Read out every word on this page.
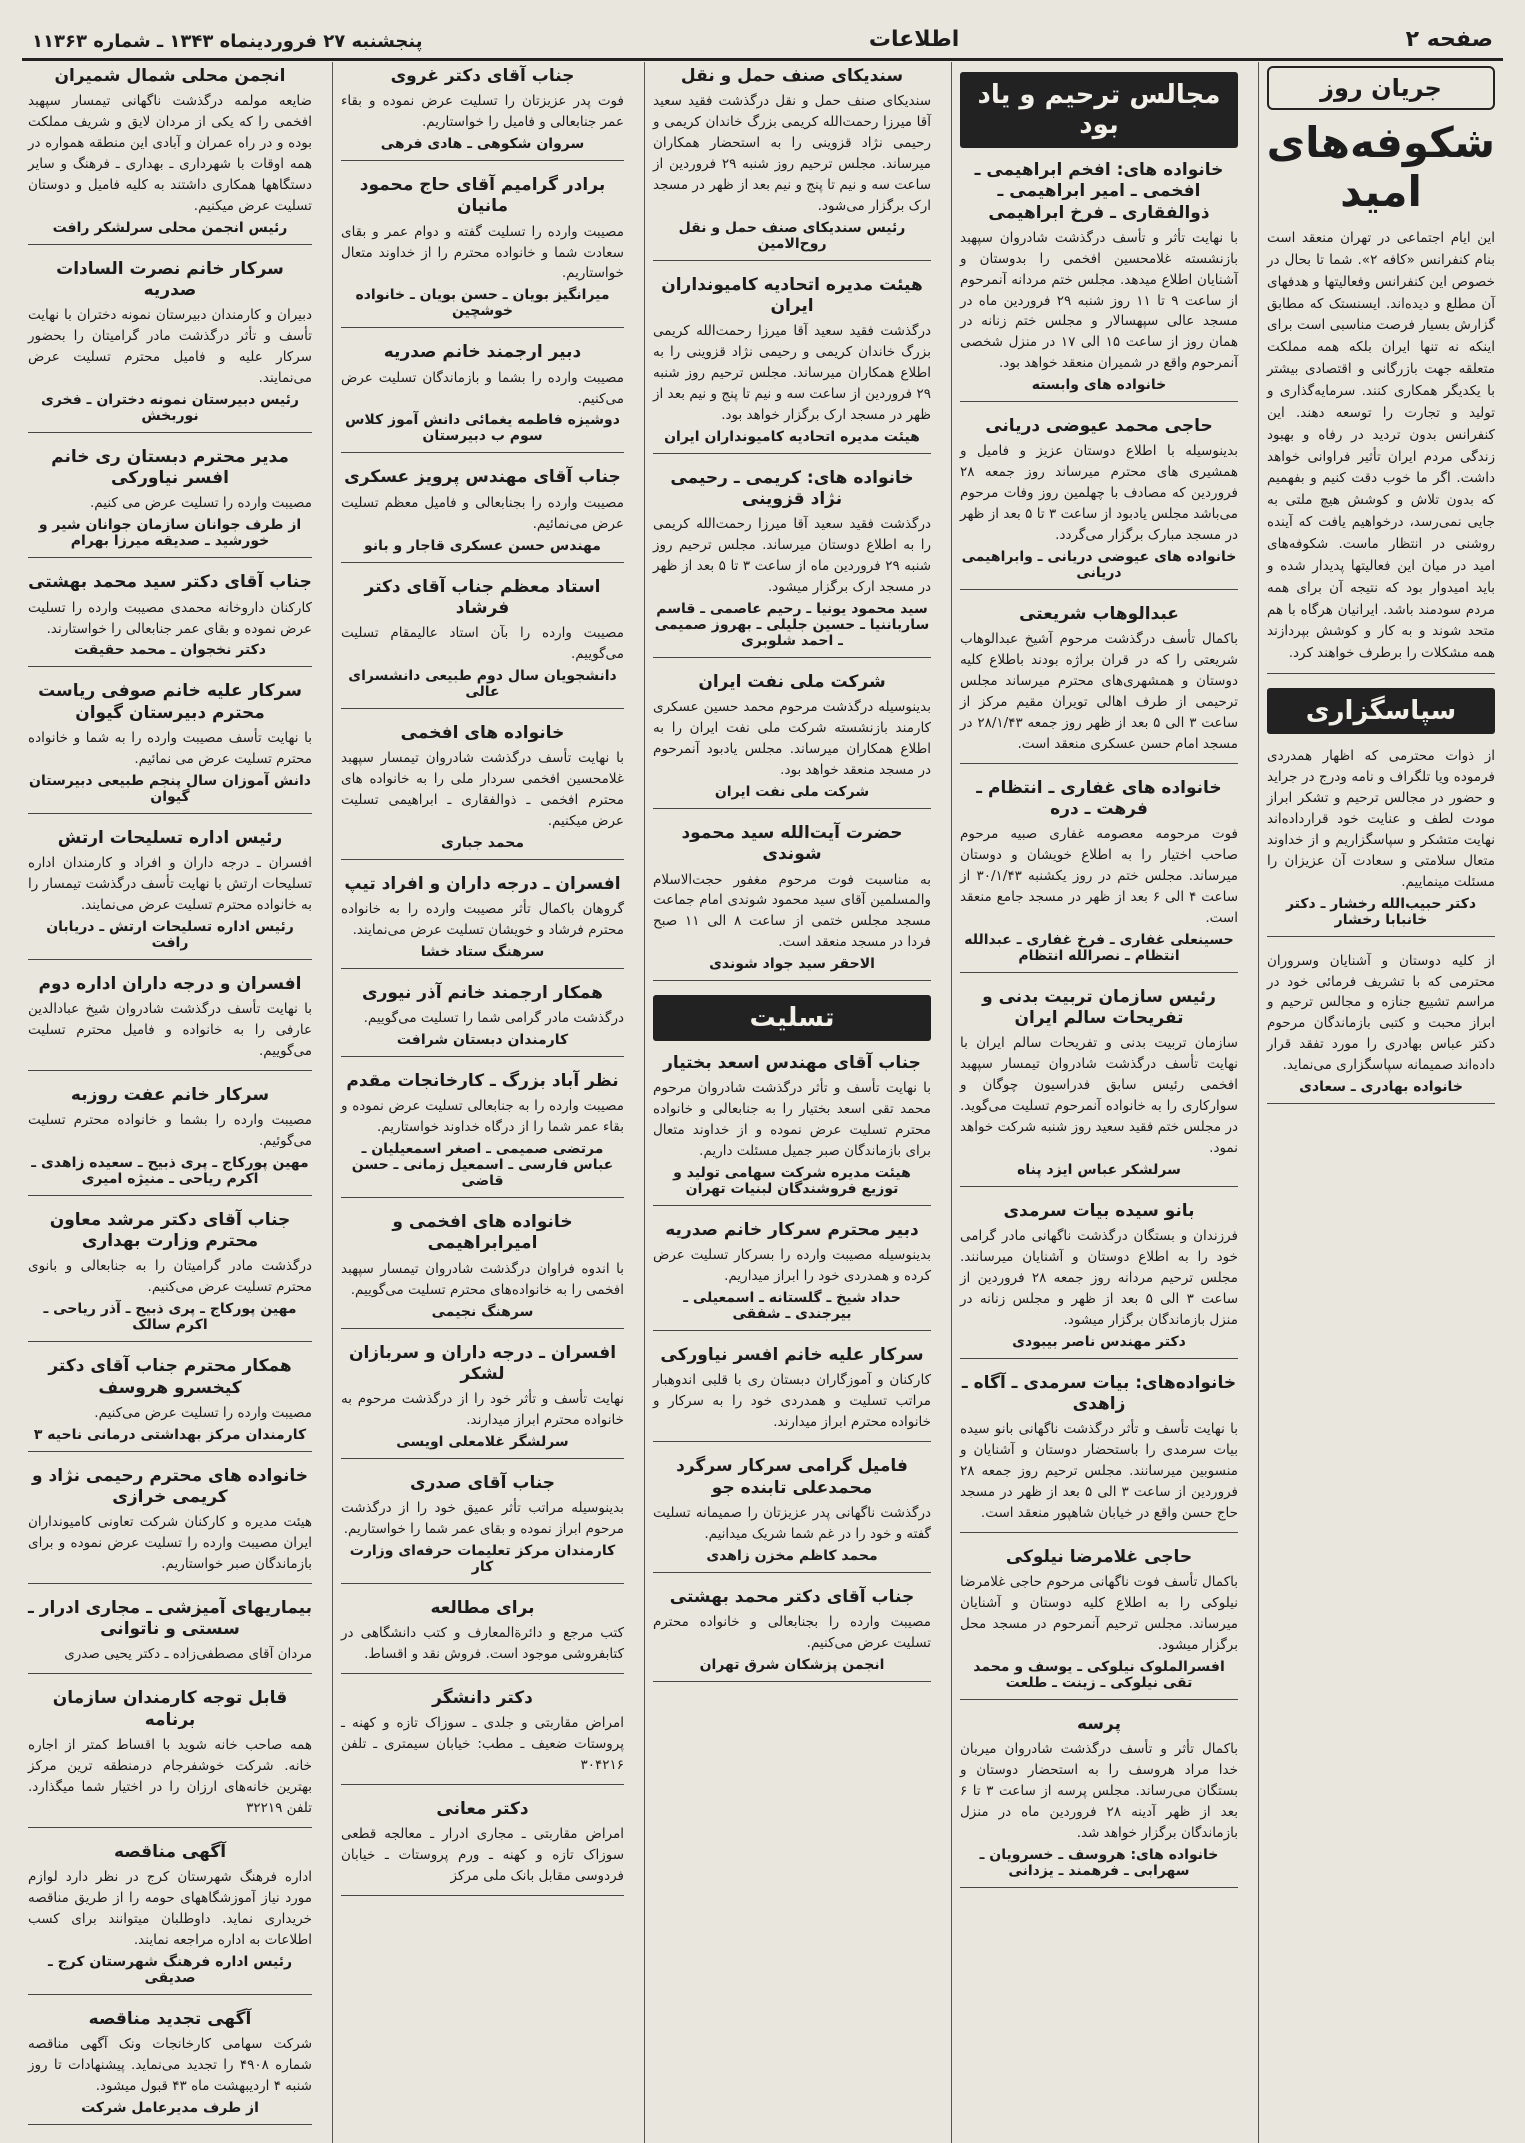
صفحه ۲
اطلاعات
پنجشنبه ۲۷ فروردینماه ۱۳۴۳ ـ شماره ۱۱۳۶۳
جریان روز
شکوفه‌های امید

این ایام اجتماعی در تهران منعقد است بنام کنفرانس «کافه ۲». شما تا بحال در خصوص این کنفرانس وفعالیتها و هدفهای آن مطلع و دیده‌اند. ایسنستک که مطابق گزارش بسیار فرصت مناسبی است برای اینکه نه تنها ایران بلکه همه مملکت متعلقه جهت بازرگانی و اقتصادی بیشتر با یکدیگر همکاری کنند. سرمایه‌گذاری و تولید و تجارت را توسعه دهند. این کنفرانس بدون تردید در رفاه و بهبود زندگی مردم ایران تأثیر فراوانی خواهد داشت. اگر ما خوب دقت کنیم و بفهمیم که بدون تلاش و کوشش هیچ ملتی به جایی نمی‌رسد، درخواهیم یافت که آینده روشنی در انتظار ماست. شکوفه‌های امید در میان این فعالیتها پدیدار شده و باید امیدوار بود که نتیجه آن برای همه مردم سودمند باشد. ایرانیان هرگاه با هم متحد شوند و به کار و کوشش بپردازند همه مشکلات را برطرف خواهند کرد.

سپاسگزاری

از ذوات محترمی که اظهار همدردی فرموده ویا تلگراف و نامه ودرج در جراید و حضور در مجالس ترحیم و تشکر ابراز مودت لطف و عنایت خود قرارداده‌اند نهایت متشکر و سپاسگزاریم و از خداوند متعال سلامتی و سعادت آن عزیزان را مسئلت مینماییم.

دکتر حبیب‌الله رخشار ـ دکتر خانبابا رخشار

از کلیه دوستان و آشنایان وسروران محترمی که با تشریف فرمائی خود در مراسم تشییع جنازه و مجالس ترحیم و ابراز محبت و کتبی بازماندگان مرحوم دکتر عباس بهادری را مورد تفقد قرار داده‌اند صمیمانه سپاسگزاری می‌نماید.

خانواده بهادری ـ سعادی
مجالس ترحیم و یاد بود
خانواده های: افخم ابراهیمی ـ افخمی ـ امیر ابراهیمی ـ ذوالفقاری ـ فرخ ابراهیمی

با نهایت تأثر و تأسف درگذشت شادروان سپهبد بازنشسته غلامحسین افخمی را بدوستان و آشنایان اطلاع میدهد. مجلس ختم مردانه آنمرحوم از ساعت ۹ تا ۱۱ روز شنبه ۲۹ فروردین ماه در مسجد عالی سپهسالار و مجلس ختم زنانه در همان روز از ساعت ۱۵ الی ۱۷ در منزل شخصی آنمرحوم واقع در شمیران منعقد خواهد بود.

خانواده های وابسته
حاجی محمد عیوضی دریانی

بدینوسیله با اطلاع دوستان عزیز و فامیل و همشیری های محترم میرساند روز جمعه ۲۸ فروردین که مصادف با چهلمین روز وفات مرحوم می‌باشد مجلس یادبود از ساعت ۳ تا ۵ بعد از ظهر در مسجد مبارک برگزار می‌گردد.

خانواده های عیوضی دریانی ـ وابراهیمی دریانی
عبدالوهاب شریعتی

باکمال تأسف درگذشت مرحوم آشیخ عبدالوهاب شریعتی را که در قران براژه بودند باطلاع کلیه دوستان و همشهری‌های محترم میرساند مجلس ترحیمی از طرف اهالی تویران مقیم مرکز از ساعت ۳ الی ۵ بعد از ظهر روز جمعه ۲۸/۱/۴۳ در مسجد امام حسن عسکری منعقد است.

خانواده های غفاری ـ انتظام ـ فرهت ـ دره

فوت مرحومه معصومه غفاری صبیه مرحوم صاحب اختیار را به اطلاع خویشان و دوستان میرساند. مجلس ختم در روز یکشنبه ۳۰/۱/۴۳ از ساعت ۴ الی ۶ بعد از ظهر در مسجد جامع منعقد است.

حسینعلی غفاری ـ فرخ غفاری ـ عبدالله انتظام ـ نصرالله انتظام
رئیس سازمان تربیت بدنی و تفریحات سالم ایران

سازمان تربیت بدنی و تفریحات سالم ایران با نهایت تأسف درگذشت شادروان تیمسار سپهبد افخمی رئیس سابق فدراسیون چوگان و سوارکاری را به خانواده آنمرحوم تسلیت می‌گوید. در مجلس ختم فقید سعید روز شنبه شرکت خواهد نمود.

سرلشکر عباس ایزد پناه
بانو سیده بیات سرمدی

فرزندان و بستگان درگذشت ناگهانی مادر گرامی خود را به اطلاع دوستان و آشنایان میرسانند. مجلس ترحیم مردانه روز جمعه ۲۸ فروردین از ساعت ۳ الی ۵ بعد از ظهر و مجلس زنانه در منزل بازماندگان برگزار میشود.

دکتر مهندس ناصر بیبودی
خانواده‌های: بیات سرمدی ـ آگاه ـ زاهدی

با نهایت تأسف و تأثر درگذشت ناگهانی بانو سیده بیات سرمدی را باستحضار دوستان و آشنایان و منسوبین میرسانند. مجلس ترحیم روز جمعه ۲۸ فروردین از ساعت ۳ الی ۵ بعد از ظهر در مسجد حاج حسن واقع در خیابان شاهپور منعقد است.

حاجی غلامرضا نیلوکی

باکمال تأسف فوت ناگهانی مرحوم حاجی غلامرضا نیلوکی را به اطلاع کلیه دوستان و آشنایان میرساند. مجلس ترحیم آنمرحوم در مسجد محل برگزار میشود.

افسرالملوک نیلوکی ـ یوسف و محمد تقی نیلوکی ـ زینت ـ طلعت
پرسه

باکمال تأثر و تأسف درگذشت شادروان میربان خدا مراد هروسف را به استحضار دوستان و بستگان می‌رساند. مجلس پرسه از ساعت ۳ تا ۶ بعد از ظهر آدینه ۲۸ فروردین ماه در منزل بازماندگان برگزار خواهد شد.

خانواده های: هروسف ـ خسرویان ـ سهرابی ـ فرهمند ـ یزدانی
سندیکای صنف حمل و نقل

سندیکای صنف حمل و نقل درگذشت فقید سعید آقا میرزا رحمت‌الله کریمی بزرگ خاندان کریمی و رحیمی نژاد قزوینی را به استحضار همکاران میرساند. مجلس ترحیم روز شنبه ۲۹ فروردین از ساعت سه و نیم تا پنج و نیم بعد از ظهر در مسجد ارک برگزار می‌شود.

رئیس سندیکای صنف حمل و نقل روح‌الامین
هیئت مدیره اتحادیه کامیونداران ایران

درگذشت فقید سعید آقا میرزا رحمت‌الله کریمی بزرگ خاندان کریمی و رحیمی نژاد قزوینی را به اطلاع همکاران میرساند. مجلس ترحیم روز شنبه ۲۹ فروردین از ساعت سه و نیم تا پنج و نیم بعد از ظهر در مسجد ارک برگزار خواهد بود.

هیئت مدیره اتحادیه کامیونداران ایران
خانواده های: کریمی ـ رحیمی نژاد قزوینی

درگذشت فقید سعید آقا میرزا رحمت‌الله کریمی را به اطلاع دوستان میرساند. مجلس ترحیم روز شنبه ۲۹ فروردین ماه از ساعت ۳ تا ۵ بعد از ظهر در مسجد ارک برگزار میشود.

سید محمود یونیا ـ رحیم عاصمی ـ قاسم سارباننیا ـ حسین جلیلی ـ بهروز صمیمی ـ احمد شلوبری
شرکت ملی نفت ایران

بدینوسیله درگذشت مرحوم محمد حسین عسکری کارمند بازنشسته شرکت ملی نفت ایران را به اطلاع همکاران میرساند. مجلس یادبود آنمرحوم در مسجد منعقد خواهد بود.

شرکت ملی نفت ایران
حضرت آیت‌الله سید محمود شوندی

به مناسبت فوت مرحوم مغفور حجت‌الاسلام والمسلمین آقای سید محمود شوندی امام جماعت مسجد مجلس ختمی از ساعت ۸ الی ۱۱ صبح فردا در مسجد منعقد است.

الاحقر سید جواد شوندی
تسلیت
جناب آقای مهندس اسعد بختیار

با نهایت تأسف و تأثر درگذشت شادروان مرحوم محمد تقی اسعد بختیار را به جنابعالی و خانواده محترم تسلیت عرض نموده و از خداوند متعال برای بازماندگان صبر جمیل مسئلت داریم.

هیئت مدیره شرکت سهامی تولید و توزیع فروشندگان لبنیات تهران
دبیر محترم سرکار خانم صدریه

بدینوسیله مصیبت وارده را بسرکار تسلیت عرض کرده و همدردی خود را ابراز میداریم.

حداد شیخ ـ گلستانه ـ اسمعیلی ـ بیرجندی ـ شفقی
سرکار علیه خانم افسر نیاورکی

کارکنان و آموزگاران دبستان ری با قلبی اندوهبار مراتب تسلیت و همدردی خود را به سرکار و خانواده محترم ابراز میدارند.

فامیل گرامی سرکار سرگرد محمدعلی تابنده جو

درگذشت ناگهانی پدر عزیزتان را صمیمانه تسلیت گفته و خود را در غم شما شریک میدانیم.

محمد کاظم مخزن زاهدی
جناب آقای دکتر محمد بهشتی

مصیبت وارده را بجنابعالی و خانواده محترم تسلیت عرض می‌کنیم.

انجمن پزشکان شرق تهران
جناب آقای دکتر غروی

فوت پدر عزیزتان را تسلیت عرض نموده و بقاء عمر جنابعالی و فامیل را خواستاریم.

سروان شکوهی ـ هادی فرهی
برادر گرامیم آقای حاج محمود مانیان

مصیبت وارده را تسلیت گفته و دوام عمر و بقای سعادت شما و خانواده محترم را از خداوند متعال خواستاریم.

میرانگیز بویان ـ حسن بویان ـ خانواده خوشچین
دبیر ارجمند خانم صدریه

مصیبت وارده را بشما و بازماندگان تسلیت عرض می‌کنیم.

دوشیزه فاطمه یغمائی دانش آموز کلاس سوم ب دبیرستان
جناب آقای مهندس پرویز عسکری

مصیبت وارده را بجنابعالی و فامیل معظم تسلیت عرض می‌نمائیم.

مهندس حسن عسکری قاجار و بانو
استاد معظم جناب آقای دکتر فرشاد

مصیبت وارده را بآن استاد عالیمقام تسلیت می‌گوییم.

دانشجویان سال دوم طبیعی دانشسرای عالی
خانواده های افخمی

با نهایت تأسف درگذشت شادروان تیمسار سپهبد غلامحسین افخمی سردار ملی را به خانواده های محترم افخمی ـ ذوالفقاری ـ ابراهیمی تسلیت عرض میکنیم.

محمد جباری
افسران ـ درجه داران و افراد تیپ

گروهان باکمال تأثر مصیبت وارده را به خانواده محترم فرشاد و خویشان تسلیت عرض می‌نمایند.

سرهنگ ستاد خشا
همکار ارجمند خانم آذر نیوری

درگذشت مادر گرامی شما را تسلیت می‌گوییم.

کارمندان دبستان شرافت
نظر آباد بزرگ ـ کارخانجات مقدم

مصیبت وارده را به جنابعالی تسلیت عرض نموده و بقاء عمر شما را از درگاه خداوند خواستاریم.

مرتضی صمیمی ـ اصغر اسمعیلیان ـ عباس فارسی ـ اسمعیل زمانی ـ حسن قاضی
خانواده های افخمی و امیرابراهیمی

با اندوه فراوان درگذشت شادروان تیمسار سپهبد افخمی را به خانواده‌های محترم تسلیت می‌گوییم.

سرهنگ نجیمی
افسران ـ درجه داران و سربازان لشکر

نهایت تأسف و تأثر خود را از درگذشت مرحوم به خانواده محترم ابراز میدارند.

سرلشگر غلامعلی اویسی
جناب آقای صدری

بدینوسیله مراتب تأثر عمیق خود را از درگذشت مرحوم ابراز نموده و بقای عمر شما را خواستاریم.

کارمندان مرکز تعلیمات حرفه‌ای وزارت کار
برای مطالعه

کتب مرجع و دائرةالمعارف و کتب دانشگاهی در کتابفروشی موجود است. فروش نقد و اقساط.

دکتر دانشگر

امراض مقاربتی و جلدی ـ سوزاک تازه و کهنه ـ پروستات ضعیف ـ مطب: خیابان سیمتری ـ تلفن ۳۰۴۲۱۶

دکتر معانی

امراض مقاربتی ـ مجاری ادرار ـ معالجه قطعی سوزاک تازه و کهنه ـ ورم پروستات ـ خیابان فردوسی مقابل بانک ملی مرکز

انجمن محلی شمال شمیران

ضایعه مولمه درگذشت ناگهانی تیمسار سپهبد افخمی را که یکی از مردان لایق و شریف مملکت بوده و در راه عمران و آبادی این منطقه همواره در همه اوقات با شهرداری ـ بهداری ـ فرهنگ و سایر دستگاهها همکاری داشتند به کلیه فامیل و دوستان تسلیت عرض میکنیم.

رئیس انجمن محلی سرلشکر رافت
سرکار خانم نصرت السادات صدریه

دبیران و کارمندان دبیرستان نمونه دختران با نهایت تأسف و تأثر درگذشت مادر گرامیتان را بحضور سرکار علیه و فامیل محترم تسلیت عرض می‌نمایند.

رئیس دبیرستان نمونه دختران ـ فخری نوربخش
مدیر محترم دبستان ری خانم افسر نیاورکی

مصیبت وارده را تسلیت عرض می کنیم.

از طرف جوانان سازمان جوانان شیر و خورشید ـ صدیقه میرزا بهرام
جناب آقای دکتر سید محمد بهشتی

کارکنان داروخانه محمدی مصیبت وارده را تسلیت عرض نموده و بقای عمر جنابعالی را خواستارند.

دکتر نخجوان ـ محمد حقیقت
سرکار علیه خانم صوفی ریاست محترم دبیرستان گیوان

با نهایت تأسف مصیبت وارده را به شما و خانواده محترم تسلیت عرض می نمائیم.

دانش آموزان سال پنجم طبیعی دبیرستان گیوان
رئیس اداره تسلیحات ارتش

افسران ـ درجه داران و افراد و کارمندان اداره تسلیحات ارتش با نهایت تأسف درگذشت تیمسار را به خانواده محترم تسلیت عرض می‌نمایند.

رئیس اداره تسلیحات ارتش ـ دریابان رافت
افسران و درجه داران اداره دوم

با نهایت تأسف درگذشت شادروان شیخ عبادالدین عارفی را به خانواده و فامیل محترم تسلیت می‌گوییم.

سرکار خانم عفت روزبه

مصیبت وارده را بشما و خانواده محترم تسلیت می‌گوئیم.

مهین پورکاج ـ پری ذبیح ـ سعیده زاهدی ـ اکرم ریاحی ـ منیژه امیری
جناب آقای دکتر مرشد معاون محترم وزارت بهداری

درگذشت مادر گرامیتان را به جنابعالی و بانوی محترم تسلیت عرض می‌کنیم.

مهین پورکاج ـ پری ذبیح ـ آذر ریاحی ـ اکرم سالک
همکار محترم جناب آقای دکتر کیخسرو هروسف

مصیبت وارده را تسلیت عرض می‌کنیم.

کارمندان مرکز بهداشتی درمانی ناحیه ۳
خانواده های محترم رحیمی نژاد و کریمی خرازی

هیئت مدیره و کارکنان شرکت تعاونی کامیونداران ایران مصیبت وارده را تسلیت عرض نموده و برای بازماندگان صبر خواستاریم.

بیماریهای آمیزشی ـ مجاری ادرار ـ سستی و ناتوانی

مردان آقای مصطفی‌زاده ـ دکتر یحیی صدری

قابل توجه کارمندان سازمان برنامه

همه صاحب خانه شوید با اقساط کمتر از اجاره خانه. شرکت خوشفرجام درمنطقه ترین مرکز بهترین خانه‌های ارزان را در اختیار شما میگذارد. تلفن ۳۲۲۱۹

آگهی مناقصه

اداره فرهنگ شهرستان کرج در نظر دارد لوازم مورد نیاز آموزشگاههای حومه را از طریق مناقصه خریداری نماید. داوطلبان میتوانند برای کسب اطلاعات به اداره مراجعه نمایند.

رئیس اداره فرهنگ شهرستان کرج ـ صدیقی
آگهی تجدید مناقصه

شرکت سهامی کارخانجات ونک آگهی مناقصه شماره ۴۹۰۸ را تجدید می‌نماید. پیشنهادات تا روز شنبه ۴ اردیبهشت ماه ۴۳ قبول میشود.

از طرف مدیرعامل شرکت
